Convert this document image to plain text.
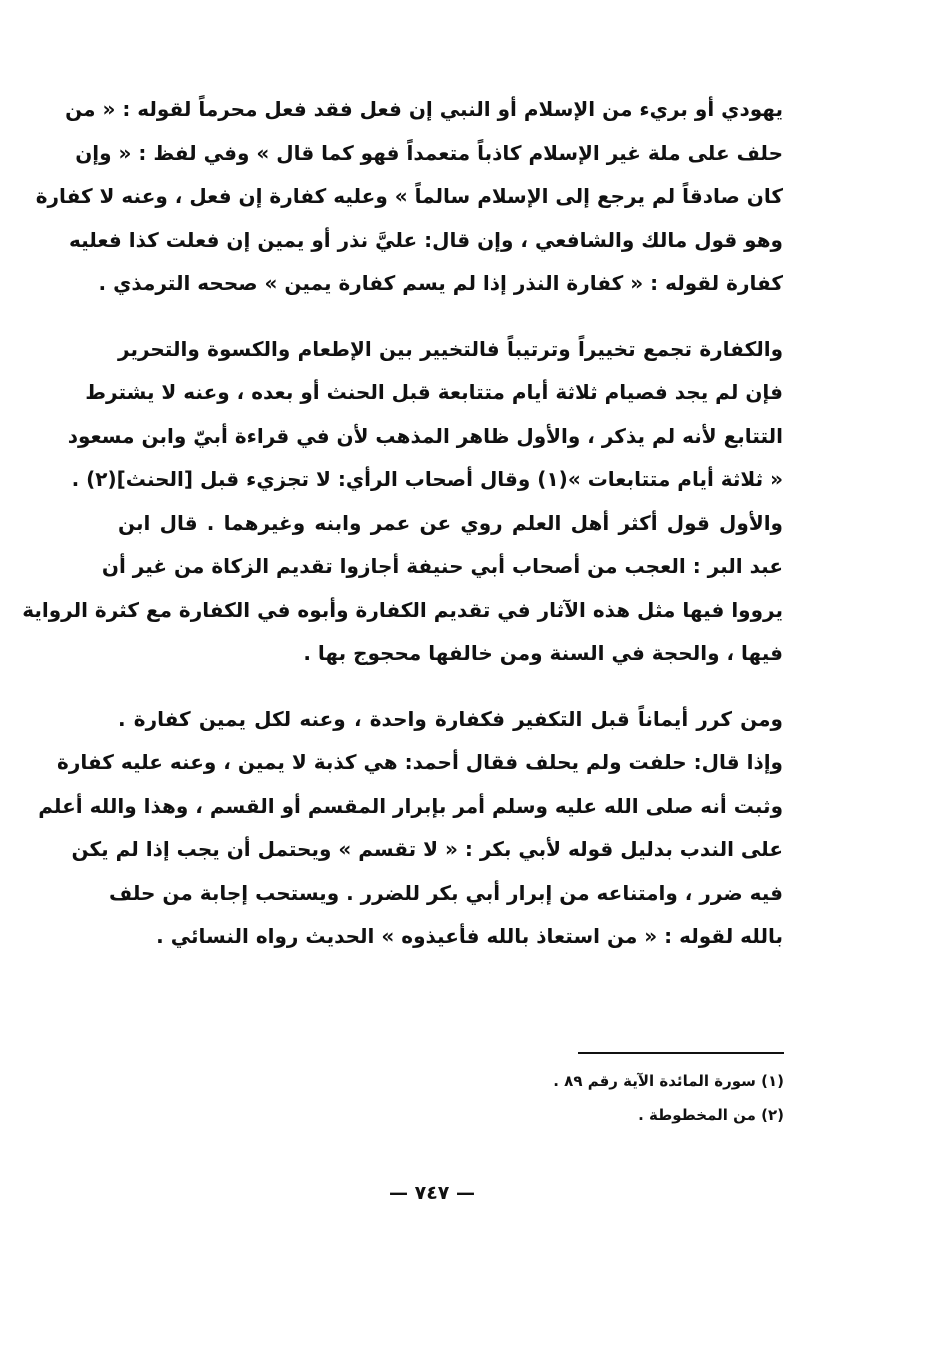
يهودي أو بريء من الإسلام أو النبي إن فعل فقد فعل محرماً لقوله : « من
حلف على ملة غير الإسلام كاذباً متعمداً فهو كما قال » وفي لفظ : « وإن
كان صادقاً لم يرجع إلى الإسلام سالماً » وعليه كفارة إن فعل ، وعنه لا كفارة
وهو قول مالك والشافعي ، وإن قال: عليَّ نذر أو يمين إن فعلت كذا فعليه
كفارة لقوله : « كفارة النذر إذا لم يسم كفارة يمين » صححه الترمذي .
والكفارة تجمع تخييراً وترتيباً فالتخيير بين الإطعام والكسوة والتحرير
فإن لم يجد فصيام ثلاثة أيام متتابعة قبل الحنث أو بعده ، وعنه لا يشترط
التتابع لأنه لم يذكر ، والأول ظاهر المذهب لأن في قراءة أبيّ وابن مسعود
« ثلاثة أيام متتابعات »(١) وقال أصحاب الرأي: لا تجزيء قبل [الحنث](٢) .
والأول قول أكثر أهل العلم روي عن عمر وابنه وغيرهما . قال ابن
عبد البر : العجب من أصحاب أبي حنيفة أجازوا تقديم الزكاة من غير أن
يرووا فيها مثل هذه الآثار في تقديم الكفارة وأبوه في الكفارة مع كثرة الرواية
فيها ، والحجة في السنة ومن خالفها محجوج بها .
ومن كرر أيماناً قبل التكفير فكفارة واحدة ، وعنه لكل يمين كفارة .
وإذا قال: حلفت ولم يحلف فقال أحمد: هي كذبة لا يمين ، وعنه عليه كفارة
وثبت أنه صلى الله عليه وسلم أمر بإبرار المقسم أو القسم ، وهذا والله أعلم
على الندب بدليل قوله لأبي بكر : « لا تقسم » ويحتمل أن يجب إذا لم يكن
فيه ضرر ، وامتناعه من إبرار أبي بكر للضرر . ويستحب إجابة من حلف
بالله لقوله : « من استعاذ بالله فأعيذوه » الحديث رواه النسائي .
(١) سورة المائدة الآية رقم ٨٩ .
(٢) من المخطوطة .
— ٧٤٧ —
